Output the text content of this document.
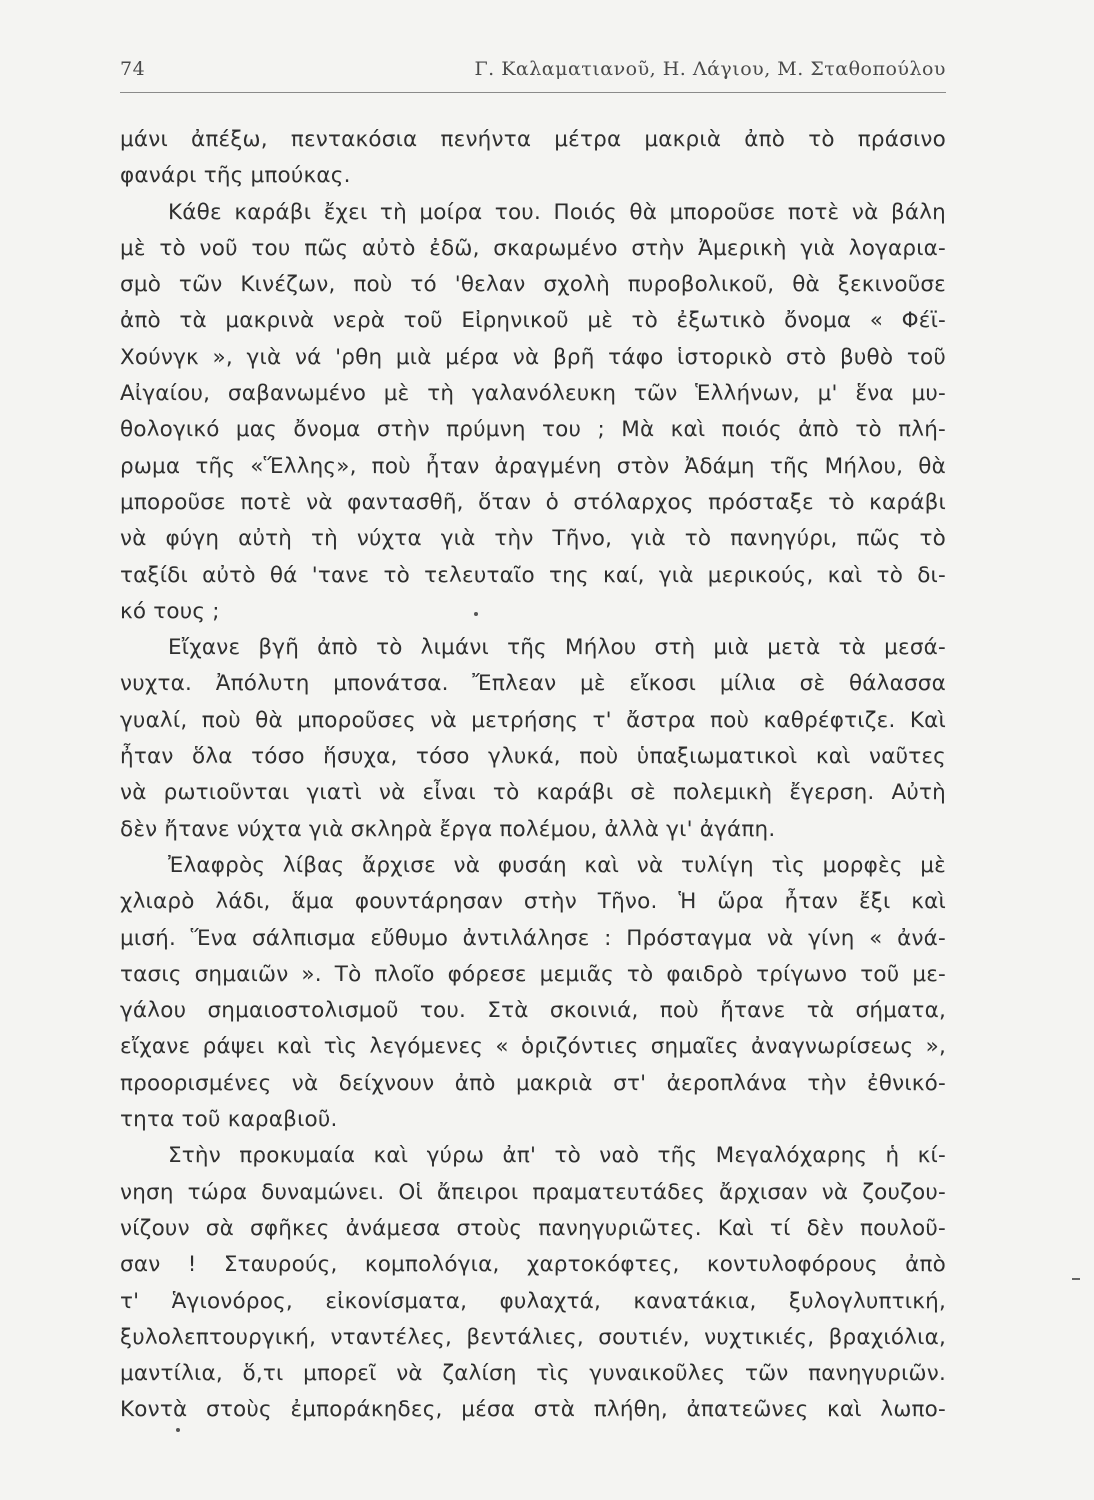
74	Γ. Καλαματιανοῦ, Η. Λάγιου, Μ. Σταθοπούλου
μάνι ἀπέξω, πεντακόσια πενήντα μέτρα μακριὰ ἀπὸ τὸ πράσινο
φανάρι τῆς μπούκας.
Κάθε καράβι ἔχει τὴ μοίρα του. Ποιός θὰ μποροῦσε ποτὲ νὰ βάλη
μὲ τὸ νοῦ του πῶς αὐτὸ ἐδῶ, σκαρωμένο στὴν Ἀμερικὴ γιὰ λογαρια-
σμὸ τῶν Κινέζων, ποὺ τό 'θελαν σχολὴ πυροβολικοῦ, θὰ ξεκινοῦσε
ἀπὸ τὰ μακρινὰ νερὰ τοῦ Εἰρηνικοῦ μὲ τὸ ἐξωτικὸ ὄνομα « Φέϊ-
Χούνγκ », γιὰ νά 'ρθη μιὰ μέρα νὰ βρῆ τάφο ἱστορικὸ στὸ βυθὸ τοῦ
Αἰγαίου, σαβανωμένο μὲ τὴ γαλανόλευκη τῶν Ἑλλήνων, μ' ἕνα μυ-
θολογικό μας ὄνομα στὴν πρύμνη του ; Μὰ καὶ ποιός ἀπὸ τὸ πλή-
ρωμα τῆς «Ἕλλης», ποὺ ἦταν ἀραγμένη στὸν Ἀδάμη τῆς Μήλου, θὰ
μποροῦσε ποτὲ νὰ φαντασθῆ, ὅταν ὁ στόλαρχος πρόσταξε τὸ καράβι
νὰ φύγη αὐτὴ τὴ νύχτα γιὰ τὴν Τῆνο, γιὰ τὸ πανηγύρι, πῶς τὸ
ταξίδι αὐτὸ θά 'τανε τὸ τελευταῖο της καί, γιὰ μερικούς, καὶ τὸ δι-
κό τους ;
Εἴχανε βγῆ ἀπὸ τὸ λιμάνι τῆς Μήλου στὴ μιὰ μετὰ τὰ μεσά-
νυχτα. Ἀπόλυτη μπονάτσα. Ἔπλεαν μὲ εἴκοσι μίλια σὲ θάλασσα
γυαλί, ποὺ θὰ μποροῦσες νὰ μετρήσης τ' ἄστρα ποὺ καθρέφτιζε. Καὶ
ἦταν ὅλα τόσο ἥσυχα, τόσο γλυκά, ποὺ ὑπαξιωματικοὶ καὶ ναῦτες
νὰ ρωτιοῦνται γιατὶ νὰ εἶναι τὸ καράβι σὲ πολεμικὴ ἔγερση. Αὐτὴ
δὲν ἤτανε νύχτα γιὰ σκληρὰ ἔργα πολέμου, ἀλλὰ γι' ἀγάπη.
Ἐλαφρὸς λίβας ἄρχισε νὰ φυσάη καὶ νὰ τυλίγη τὶς μορφὲς μὲ
χλιαρὸ λάδι, ἅμα φουντάρησαν στὴν Τῆνο. Ἡ ὥρα ἦταν ἔξι καὶ
μισή. Ἕνα σάλπισμα εὔθυμο ἀντιλάλησε : Πρόσταγμα νὰ γίνη « ἀνά-
τασις σημαιῶν ». Τὸ πλοῖο φόρεσε μεμιᾶς τὸ φαιδρὸ τρίγωνο τοῦ με-
γάλου σημαιοστολισμοῦ του. Στὰ σκοινιά, ποὺ ἤτανε τὰ σήματα,
εἴχανε ράψει καὶ τὶς λεγόμενες « ὁριζόντιες σημαῖες ἀναγνωρίσεως »,
προορισμένες νὰ δείχνουν ἀπὸ μακριὰ στ' ἀεροπλάνα τὴν ἐθνικό-
τητα τοῦ καραβιοῦ.
Στὴν προκυμαία καὶ γύρω ἀπ' τὸ ναὸ τῆς Μεγαλόχαρης ἡ κί-
νηση τώρα δυναμώνει. Οἱ ἄπειροι πραματευτάδες ἄρχισαν νὰ ζουζου-
νίζουν σὰ σφῆκες ἀνάμεσα στοὺς πανηγυριῶτες. Καὶ τί δὲν πουλοῦ-
σαν ! Σταυρούς, κομπολόγια, χαρτοκόφτες, κοντυλοφόρους ἀπὸ
τ' Ἁγιονόρος, εἰκονίσματα, φυλαχτά, κανατάκια, ξυλογλυπτική,
ξυλολεπτουργική, νταντέλες, βεντάλιες, σουτιέν, νυχτικιές, βραχιόλια,
μαντίλια, ὅ,τι μπορεῖ νὰ ζαλίση τὶς γυναικοῦλες τῶν πανηγυριῶν.
Κοντὰ στοὺς ἐμποράκηδες, μέσα στὰ πλήθη, ἀπατεῶνες καὶ λωπο-
